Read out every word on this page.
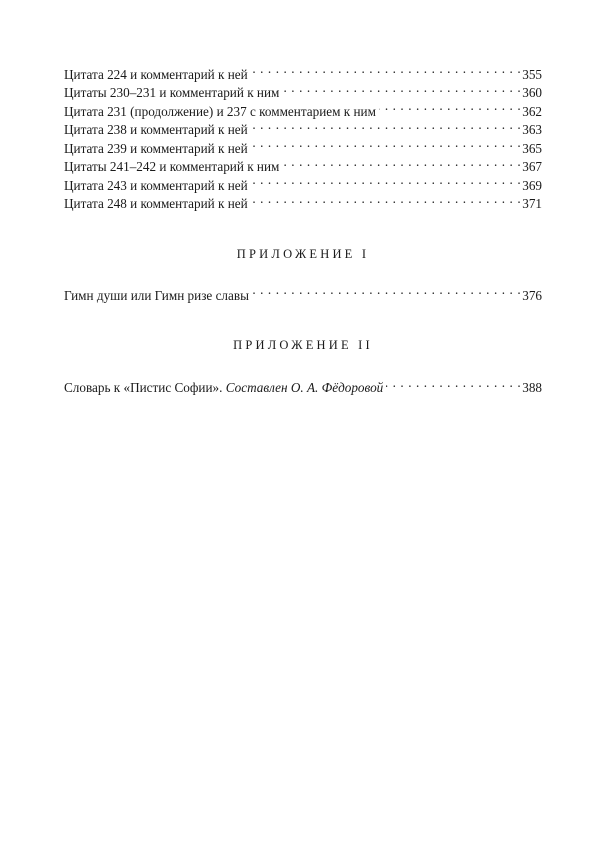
Цитата 224 и комментарий к ней . . .	355
Цитаты 230–231 и комментарий к ним . . .	360
Цитата 231 (продолжение) и 237 с комментарием к ним . . .	362
Цитата 238 и комментарий к ней . . .	363
Цитата 239 и комментарий к ней . . .	365
Цитаты 241–242 и комментарий к ним . . .	367
Цитата 243 и комментарий к ней . . .	369
Цитата 248 и комментарий к ней . . .	371
ПРИЛОЖЕНИЕ I
Гимн души или Гимн ризе славы . . .	376
ПРИЛОЖЕНИЕ II
Словарь к «Пистис Софии». Составлен О. А. Фёдоровой . . .	388
